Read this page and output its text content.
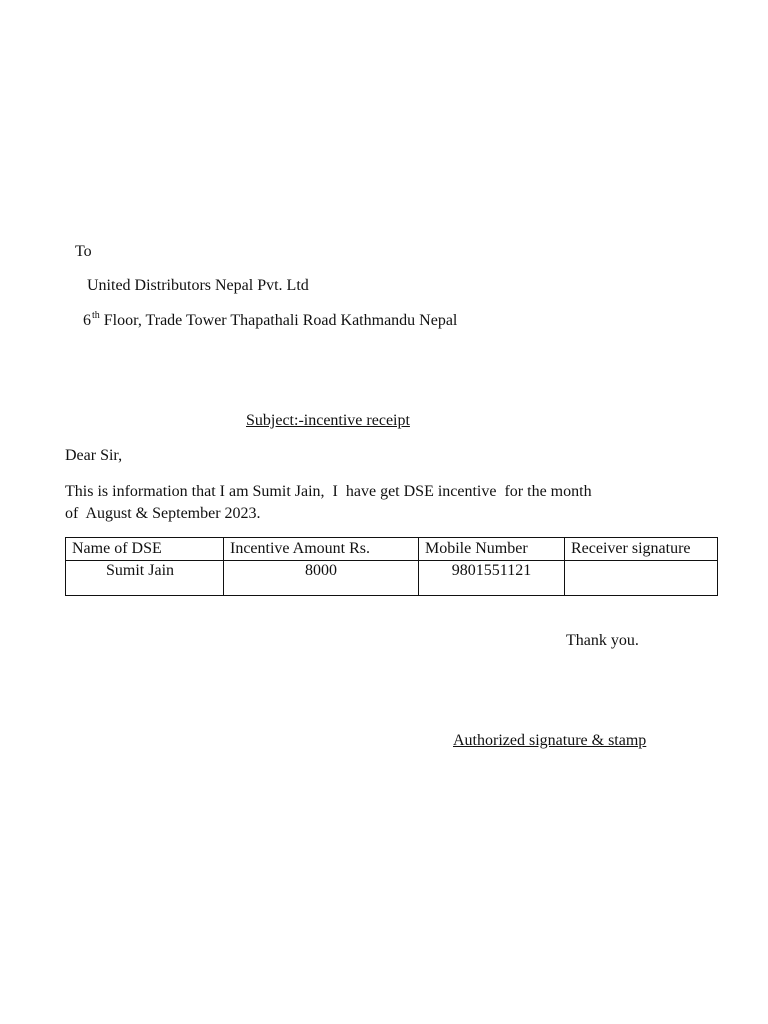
To
United Distributors Nepal Pvt. Ltd
6th Floor, Trade Tower Thapathali Road Kathmandu Nepal
Subject:-incentive receipt
Dear Sir,
This is information that I am Sumit Jain,  I  have get DSE incentive  for the month
of  August & September 2023.
Name of DSE	Incentive Amount Rs.	Mobile Number	Receiver signature
Sumit Jain	8000	9801551121	
Thank you.
Authorized signature & stamp
